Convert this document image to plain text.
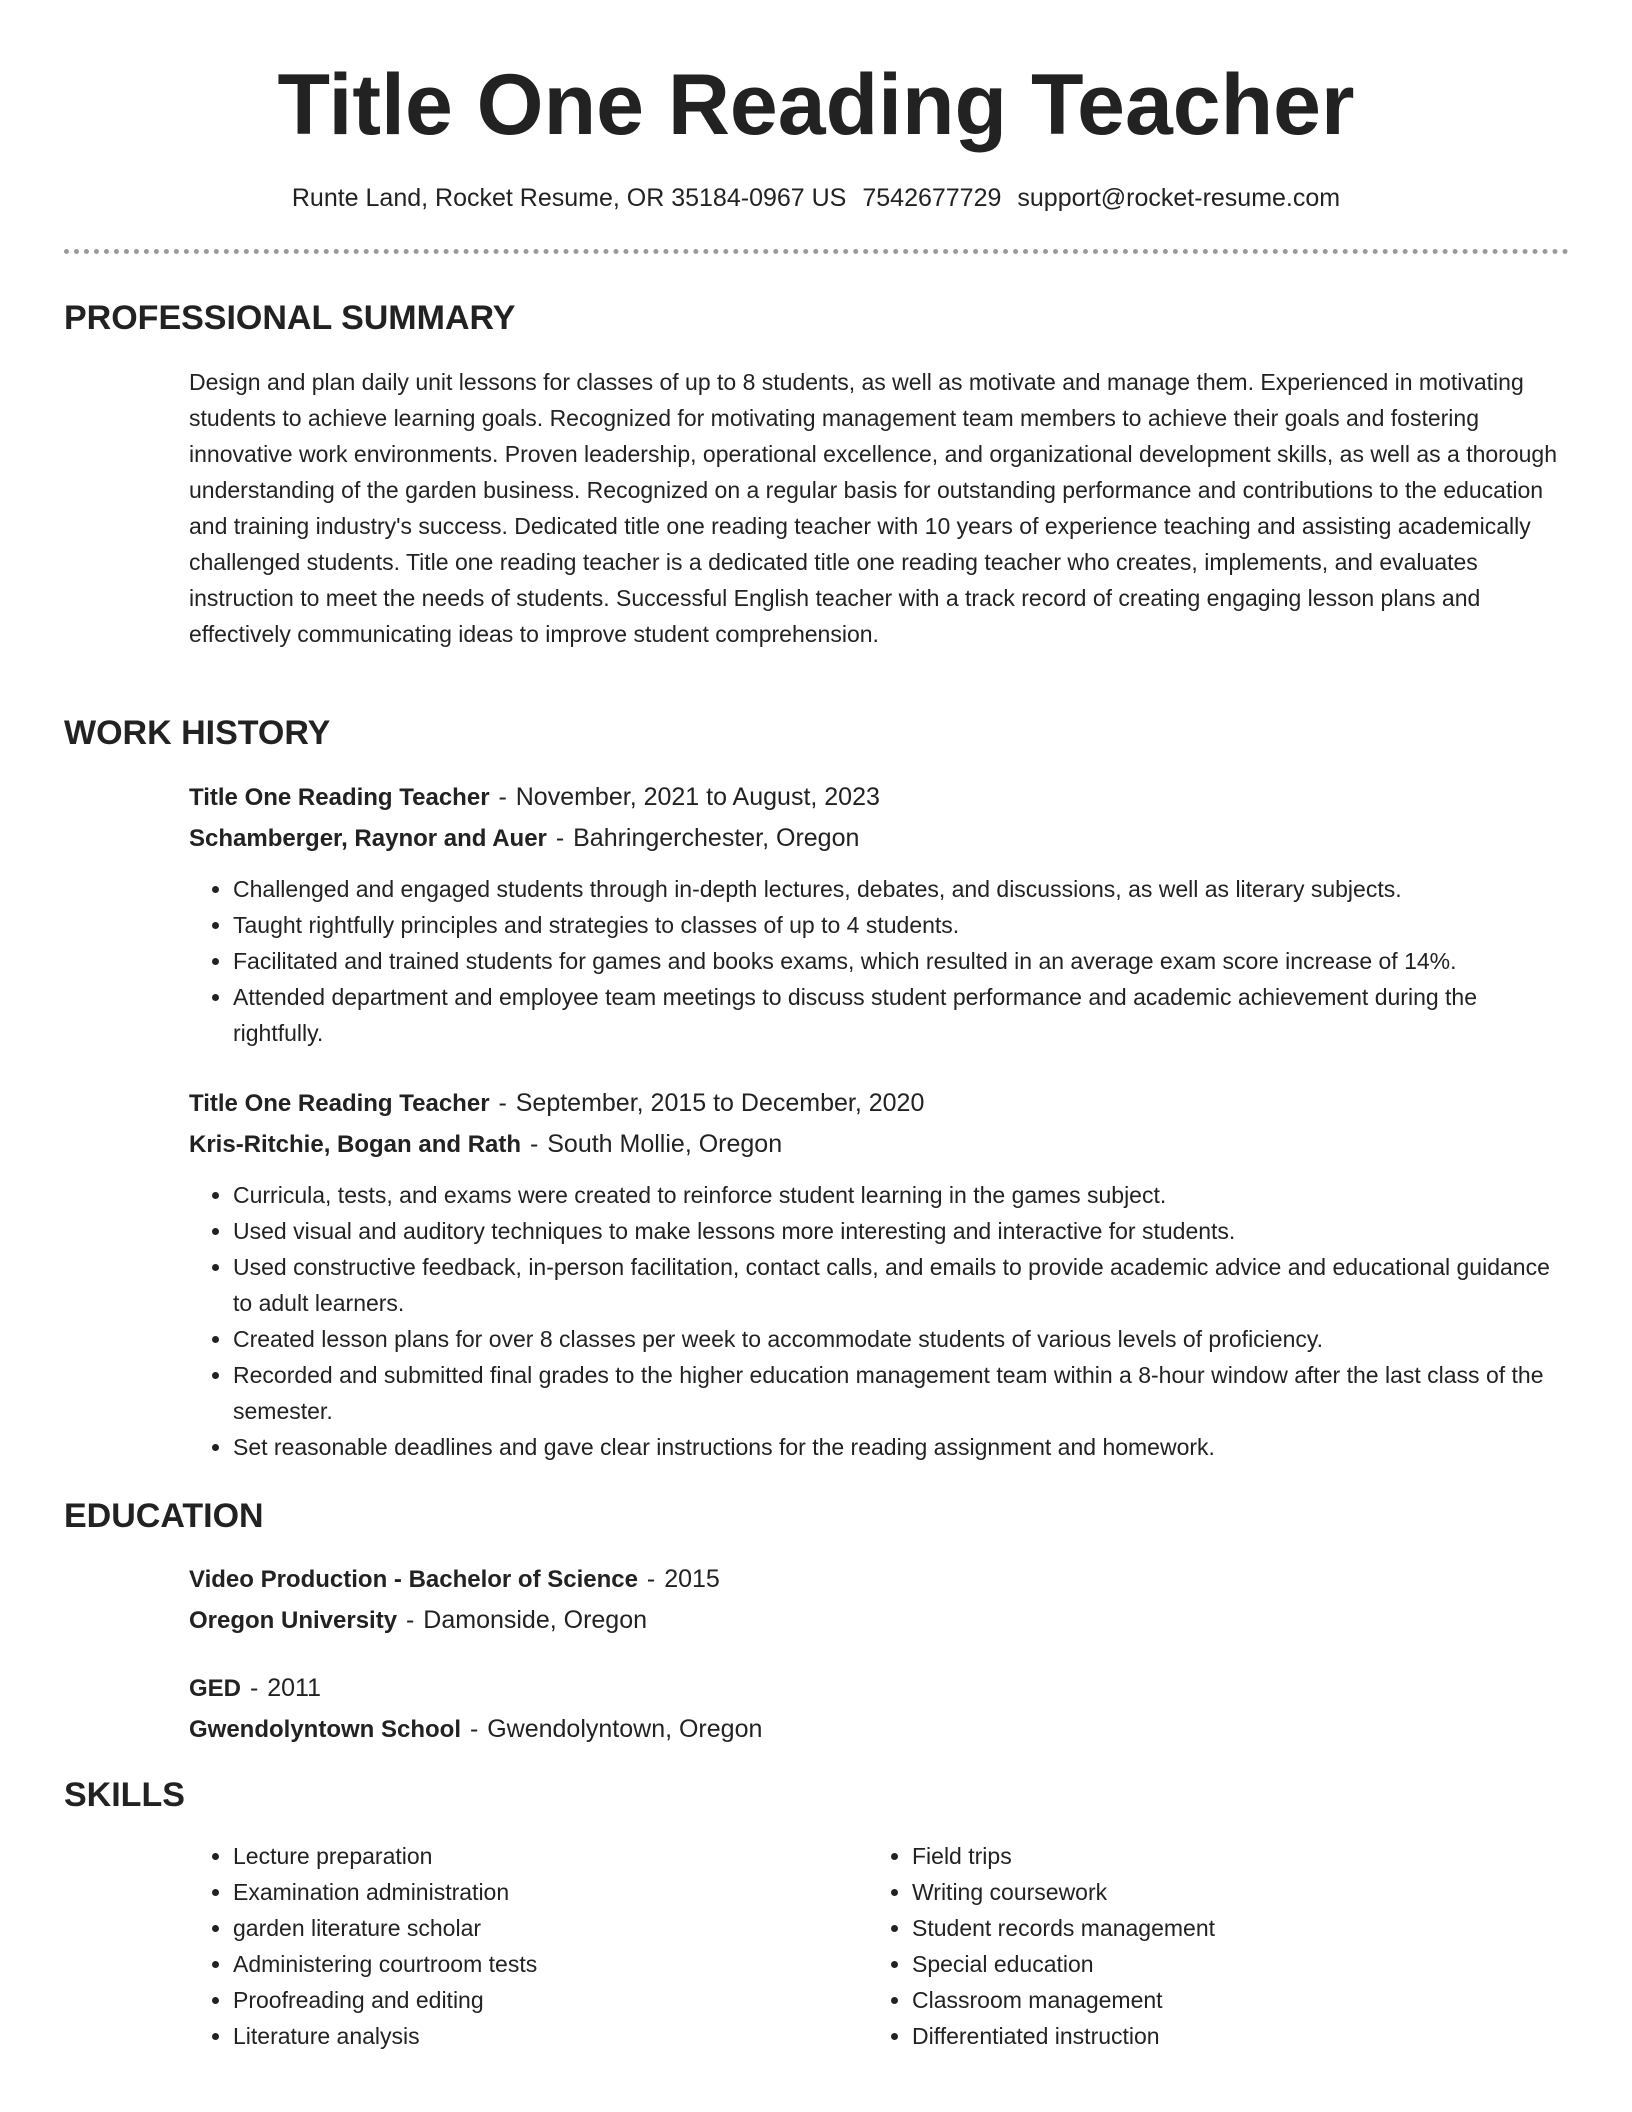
Title One Reading Teacher
Runte Land, Rocket Resume, OR 35184-0967 US 7542677729 support@rocket-resume.com
PROFESSIONAL SUMMARY

Design and plan daily unit lessons for classes of up to 8 students, as well as motivate and manage them. Experienced in motivating students to achieve learning goals. Recognized for motivating management team members to achieve their goals and fostering innovative work environments. Proven leadership, operational excellence, and organizational development skills, as well as a thorough understanding of the garden business. Recognized on a regular basis for outstanding performance and contributions to the education and training industry's success. Dedicated title one reading teacher with 10 years of experience teaching and assisting academically challenged students. Title one reading teacher is a dedicated title one reading teacher who creates, implements, and evaluates instruction to meet the needs of students. Successful English teacher with a track record of creating engaging lesson plans and effectively communicating ideas to improve student comprehension.

WORK HISTORY

Title One Reading Teacher - November, 2021 to August, 2023

Schamberger, Raynor and Auer - Bahringerchester, Oregon

• Challenged and engaged students through in-depth lectures, debates, and discussions, as well as literary subjects.
• Taught rightfully principles and strategies to classes of up to 4 students.
• Facilitated and trained students for games and books exams, which resulted in an average exam score increase of 14%.
• Attended department and employee team meetings to discuss student performance and academic achievement during the rightfully.

Title One Reading Teacher - September, 2015 to December, 2020

Kris-Ritchie, Bogan and Rath - South Mollie, Oregon

• Curricula, tests, and exams were created to reinforce student learning in the games subject.
• Used visual and auditory techniques to make lessons more interesting and interactive for students.
• Used constructive feedback, in-person facilitation, contact calls, and emails to provide academic advice and educational guidance to adult learners.
• Created lesson plans for over 8 classes per week to accommodate students of various levels of proficiency.
• Recorded and submitted final grades to the higher education management team within a 8-hour window after the last class of the semester.
• Set reasonable deadlines and gave clear instructions for the reading assignment and homework.
EDUCATION

Video Production - Bachelor of Science - 2015

Oregon University - Damonside, Oregon

GED - 2011

Gwendolyntown School - Gwendolyntown, Oregon

SKILLS
• Lecture preparation
• Examination administration
• garden literature scholar
• Administering courtroom tests
• Proofreading and editing
• Literature analysis
• Field trips
• Writing coursework
• Student records management
• Special education
• Classroom management
• Differentiated instruction
